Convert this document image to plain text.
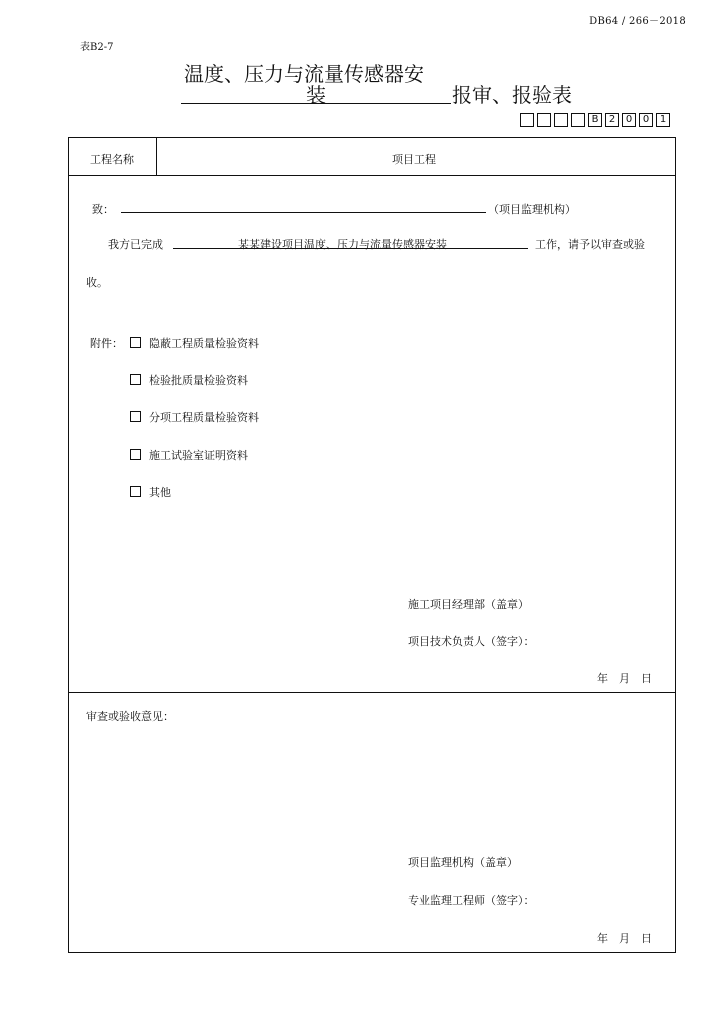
DB64 / 266－2018
表B2-7
温度、压力与流量传感器安
装	报审、报验表
B	2	0	0	1
工程名称	项目工程
致：	（项目监理机构）
我方已完成	某某建设项目温度、压力与流量传感器安装	工作，请予以审查或验
收。
附件：	隐蔽工程质量检验资料
检验批质量检验资料
分项工程质量检验资料
施工试验室证明资料
其他
施工项目经理部（盖章）
项目技术负责人（签字）：
年　月　日
审查或验收意见：
项目监理机构（盖章）
专业监理工程师（签字）：
年　月　日
